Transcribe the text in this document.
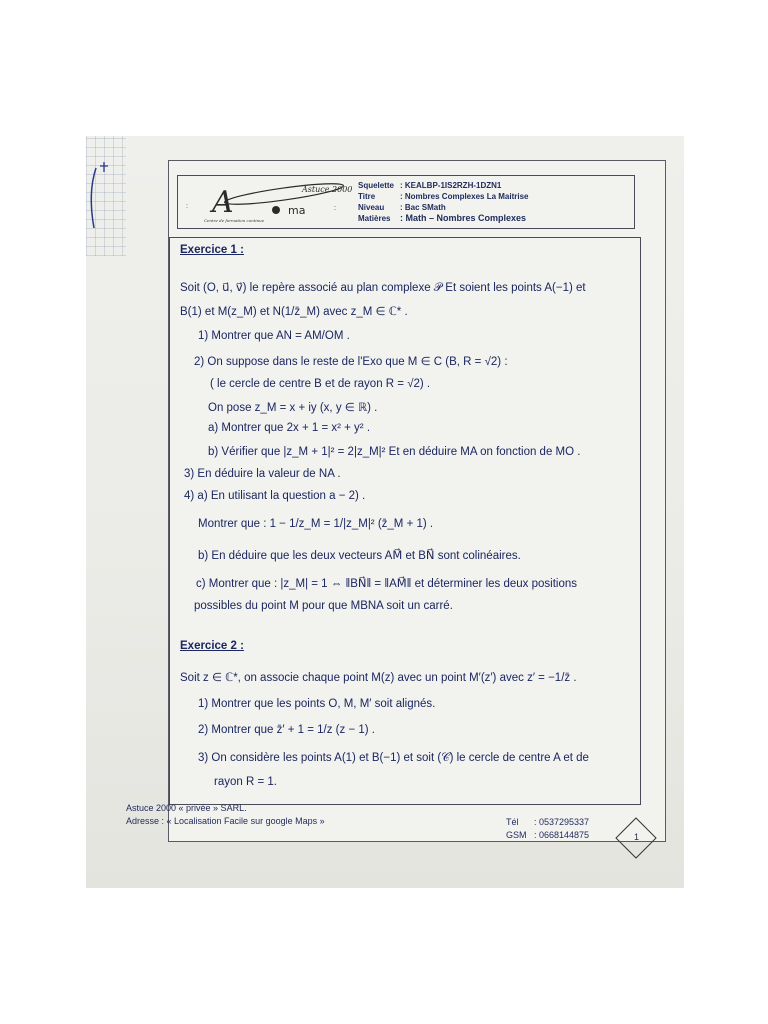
A	Astuce 2000
ma
Centre de formation continue
:	:
Squelette : KEALBP-1IS2RZH-1DZN1
Titre	: Nombres Complexes La Maitrise
Niveau	: Bac SMath
Matières	: Math – Nombres Complexes
Exercice 1 :
Soit (O, u⃗, v⃗) le repère associé au plan complexe 𝒫 Et soient les points A(−1) et
B(1) et M(z_M) et N(1/z̄_M) avec z_M ∈ ℂ* .
1) Montrer que AN = AM/OM .
2) On suppose dans le reste de l'Exo que M ∈ C (B, R = √2) :
( le cercle de centre B et de rayon R = √2) .
On pose z_M = x + iy (x, y ∈ ℝ) .
a) Montrer que 2x + 1 = x² + y² .
b) Vérifier que |z_M + 1|² = 2|z_M|² Et en déduire MA on fonction de MO .
3) En déduire la valeur de NA .
4) a) En utilisant la question a − 2) .
Montrer que : 1 − 1/z_M = 1/|z_M|² (z̄_M + 1) .
b) En déduire que les deux vecteurs AM⃗ et BN⃗ sont colinéaires.
c) Montrer que : |z_M| = 1 ⇔ ‖BN⃗‖ = ‖AM⃗‖ et déterminer les deux positions
possibles du point M pour que MBNA soit un carré.
Exercice 2 :
Soit z ∈ ℂ*, on associe chaque point M(z) avec un point M′(z′) avec z′ = −1/z̄ .
1) Montrer que les points O, M, M′ soit alignés.
2) Montrer que z̄′ + 1 = 1/z (z − 1) .
3) On considère les points A(1) et B(−1) et soit (𝒞) le cercle de centre A et de
rayon R = 1.
Astuce 2000 « privée » SARL.
Adresse : « Localisation Facile sur google Maps »	Tél : 0537295337
GSM : 0668144875	1
